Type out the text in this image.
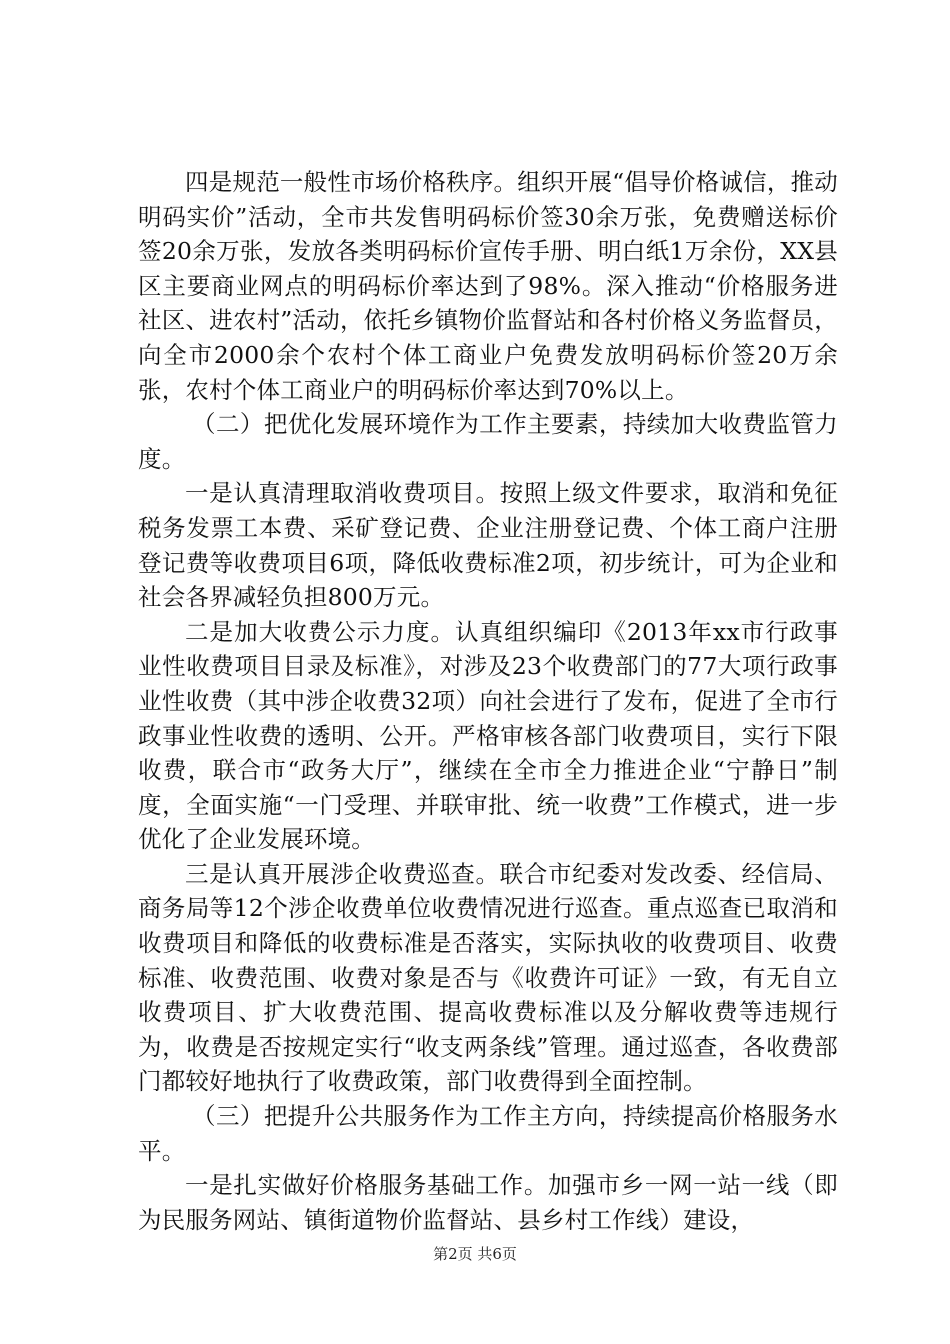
四是规范一般性市场价格秩序。组织开展“倡导价格诚信，推动明码实价”活动，全市共发售明码标价签30余万张，免费赠送标价签20余万张，发放各类明码标价宣传手册、明白纸1万余份，XX县区主要商业网点的明码标价率达到了98%。深入推动“价格服务进社区、进农村”活动，依托乡镇物价监督站和各村价格义务监督员，向全市2000余个农村个体工商业户免费发放明码标价签20万余张，农村个体工商业户的明码标价率达到70%以上。

（二）把优化发展环境作为工作主要素，持续加大收费监管力度。

一是认真清理取消收费项目。按照上级文件要求，取消和免征税务发票工本费、采矿登记费、企业注册登记费、个体工商户注册登记费等收费项目6项，降低收费标准2项，初步统计，可为企业和社会各界减轻负担800万元。

二是加大收费公示力度。认真组织编印《2013年xx市行政事业性收费项目目录及标准》，对涉及23个收费部门的77大项行政事业性收费（其中涉企收费32项）向社会进行了发布，促进了全市行政事业性收费的透明、公开。严格审核各部门收费项目，实行下限收费，联合市“政务大厅”，继续在全市全力推进企业“宁静日”制度，全面实施“一门受理、并联审批、统一收费”工作模式，进一步优化了企业发展环境。

三是认真开展涉企收费巡查。联合市纪委对发改委、经信局、商务局等12个涉企收费单位收费情况进行巡查。重点巡查已取消和收费项目和降低的收费标准是否落实，实际执收的收费项目、收费标准、收费范围、收费对象是否与《收费许可证》一致，有无自立收费项目、扩大收费范围、提高收费标准以及分解收费等违规行为，收费是否按规定实行“收支两条线”管理。通过巡查，各收费部门都较好地执行了收费政策，部门收费得到全面控制。

（三）把提升公共服务作为工作主方向，持续提高价格服务水平。

一是扎实做好价格服务基础工作。加强市乡一网一站一线（即为民服务网站、镇街道物价监督站、县乡村工作线）建设，

第2页 共6页
